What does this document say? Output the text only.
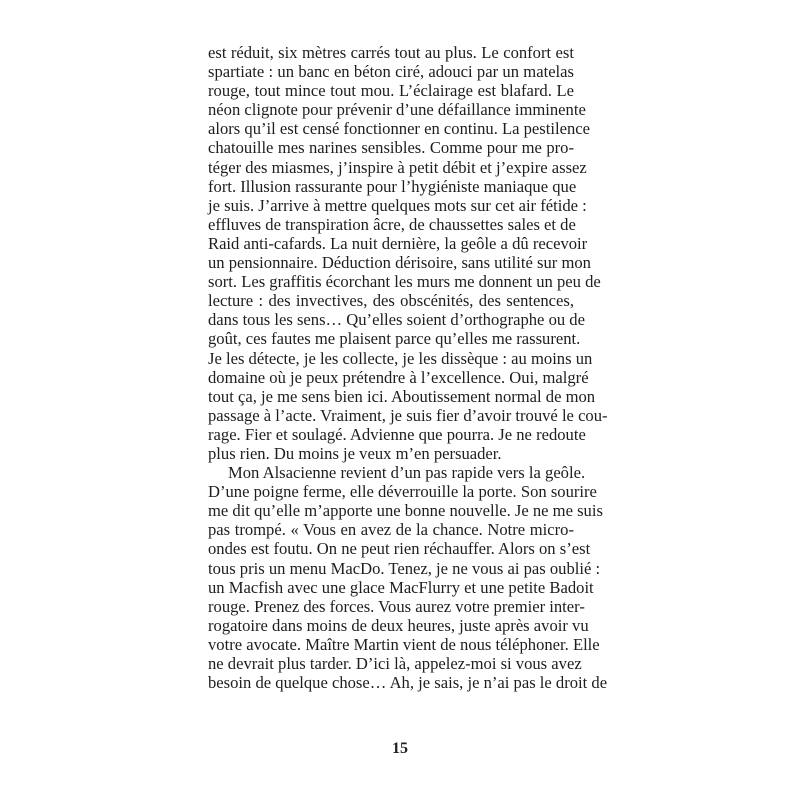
est réduit, six mètres carrés tout au plus. Le confort est
spartiate : un banc en béton ciré, adouci par un matelas
rouge, tout mince tout mou. L’éclairage est blafard. Le
néon clignote pour prévenir d’une défaillance imminente
alors qu’il est censé fonctionner en continu. La pestilence
chatouille mes narines sensibles. Comme pour me pro-
téger des miasmes, j’inspire à petit débit et j’expire assez
fort. Illusion rassurante pour l’hygiéniste maniaque que
je suis. J’arrive à mettre quelques mots sur cet air fétide :
effluves de transpiration âcre, de chaussettes sales et de
Raid anti-cafards. La nuit dernière, la geôle a dû recevoir
un pensionnaire. Déduction dérisoire, sans utilité sur mon
sort. Les graffitis écorchant les murs me donnent un peu de
lecture : des invectives, des obscénités, des sentences,
dans tous les sens… Qu’elles soient d’orthographe ou de
goût, ces fautes me plaisent parce qu’elles me rassurent.
Je les détecte, je les collecte, je les dissèque : au moins un
domaine où je peux prétendre à l’excellence. Oui, malgré
tout ça, je me sens bien ici. Aboutissement normal de mon
passage à l’acte. Vraiment, je suis fier d’avoir trouvé le cou-
rage. Fier et soulagé. Advienne que pourra. Je ne redoute
plus rien. Du moins je veux m’en persuader.
Mon Alsacienne revient d’un pas rapide vers la geôle.
D’une poigne ferme, elle déverrouille la porte. Son sourire
me dit qu’elle m’apporte une bonne nouvelle. Je ne me suis
pas trompé. « Vous en avez de la chance. Notre micro-
ondes est foutu. On ne peut rien réchauffer. Alors on s’est
tous pris un menu MacDo. Tenez, je ne vous ai pas oublié :
un Macfish avec une glace MacFlurry et une petite Badoit
rouge. Prenez des forces. Vous aurez votre premier inter-
rogatoire dans moins de deux heures, juste après avoir vu
votre avocate. Maître Martin vient de nous téléphoner. Elle
ne devrait plus tarder. D’ici là, appelez-moi si vous avez
besoin de quelque chose… Ah, je sais, je n’ai pas le droit de
15
